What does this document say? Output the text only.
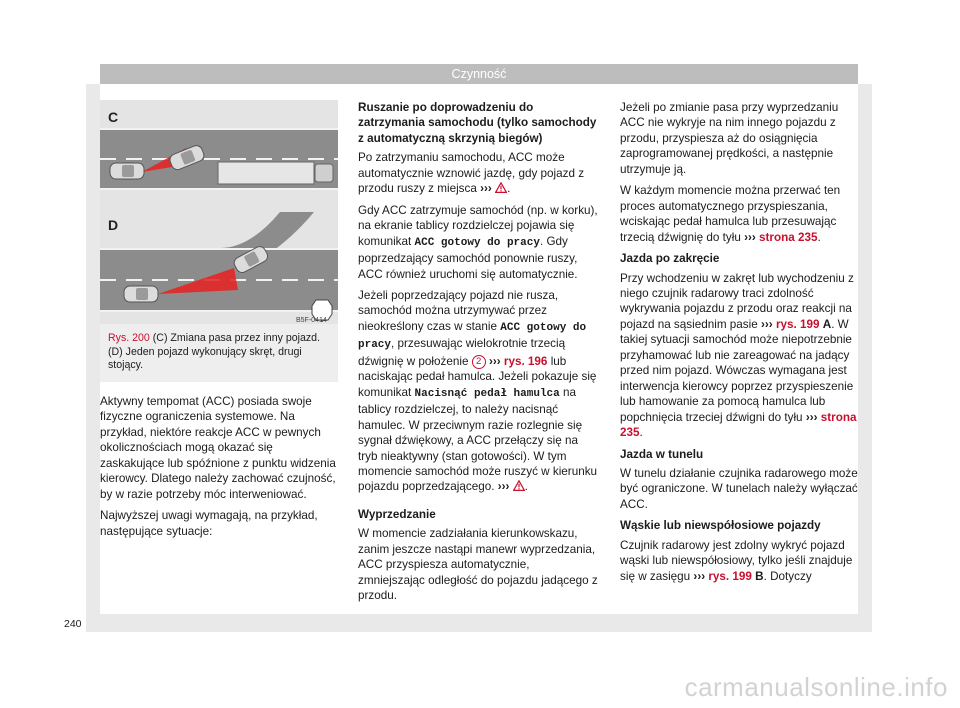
Czynność
C
D
B5F-0414
Rys. 200 (C) Zmiana pasa przez inny pojazd. (D) Jeden pojazd wykonujący skręt, drugi stojący.

Aktywny tempomat (ACC) posiada swoje fizyczne ograniczenia systemowe. Na przykład, niektóre reakcje ACC w pewnych okolicznościach mogą okazać się zaskakujące lub spóźnione z punktu widzenia kierowcy. Dlatego należy zachować czujność, by w razie potrzeby móc interweniować.

Najwyższej uwagi wymagają, na przykład, następujące sytuacje:

Ruszanie po doprowadzeniu do zatrzymania samochodu (tylko samochody z automatyczną skrzynią biegów)

Po zatrzymaniu samochodu, ACC może automatycznie wznowić jazdę, gdy pojazd z przodu ruszy z miejsca ››› .

Gdy ACC zatrzymuje samochód (np. w korku), na ekranie tablicy rozdzielczej pojawia się komunikat ACC gotowy do pracy. Gdy poprzedzający samochód ponownie ruszy, ACC również uruchomi się automatycznie.

Jeżeli poprzedzający pojazd nie rusza, samochód można utrzymywać przez nieokreślony czas w stanie ACC gotowy do pracy, przesuwając wielokrotnie trzecią dźwignię w położenie 2 ››› rys. 196 lub naciskając pedał hamulca. Jeżeli pokazuje się komunikat Nacisnąć pedał hamulca na tablicy rozdzielczej, to należy nacisnąć hamulec. W przeciwnym razie rozlegnie się sygnał dźwiękowy, a ACC przełączy się na tryb nieaktywny (stan gotowości). W tym momencie samochód może ruszyć w kierunku pojazdu poprzedzającego. ››› .

Wyprzedzanie

W momencie zadziałania kierunkowskazu, zanim jeszcze nastąpi manewr wyprzedzania, ACC przyspiesza automatycznie, zmniejszając odległość do pojazdu jadącego z przodu.

Jeżeli po zmianie pasa przy wyprzedzaniu ACC nie wykryje na nim innego pojazdu z przodu, przyspiesza aż do osiągnięcia zaprogramowanej prędkości, a następnie utrzymuje ją.

W każdym momencie można przerwać ten proces automatycznego przyspieszania, wciskając pedał hamulca lub przesuwając trzecią dźwignię do tyłu ››› strona 235.

Jazda po zakręcie

Przy wchodzeniu w zakręt lub wychodzeniu z niego czujnik radarowy traci zdolność wykrywania pojazdu z przodu oraz reakcji na pojazd na sąsiednim pasie ››› rys. 199 A. W takiej sytuacji samochód może niepotrzebnie przyhamować lub nie zareagować na jadący przed nim pojazd. Wówczas wymagana jest interwencja kierowcy poprzez przyspieszenie lub hamowanie za pomocą hamulca lub popchnięcia trzeciej dźwigni do tyłu ››› strona 235.

Jazda w tunelu

W tunelu działanie czujnika radarowego może być ograniczone. W tunelach należy wyłączać ACC.

Wąskie lub niewspółosiowe pojazdy

Czujnik radarowy jest zdolny wykryć pojazd wąski lub niewspółosiowy, tylko jeśli znajduje się w zasięgu ››› rys. 199 B. Dotyczy

240
carmanualsonline.info
